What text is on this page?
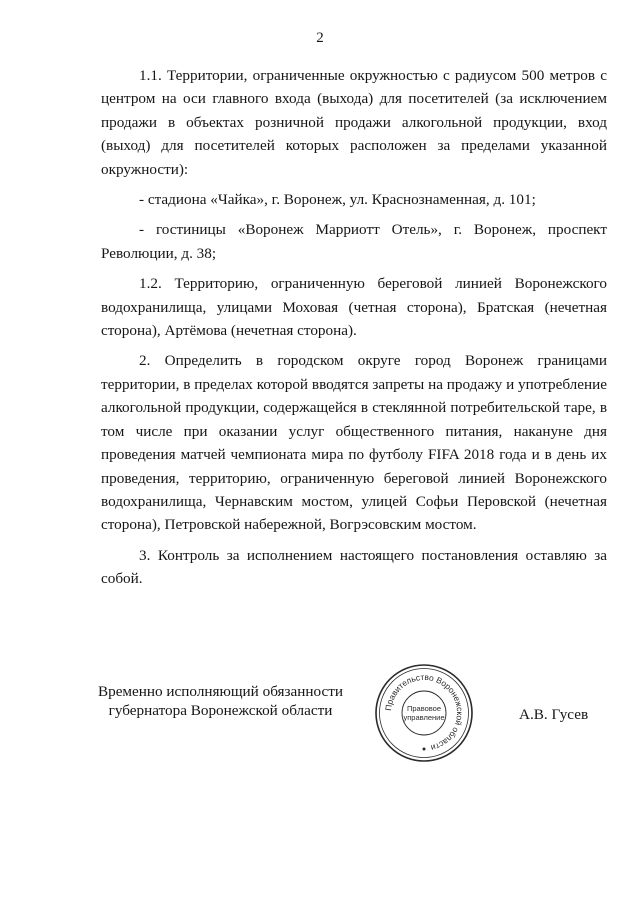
2

1.1. Территории, ограниченные окружностью с радиусом 500 метров с центром на оси главного входа (выхода) для посетителей (за исключением продажи в объектах розничной продажи алкогольной продукции, вход (выход) для посетителей которых расположен за пределами указанной окружности):

- стадиона «Чайка», г. Воронеж, ул. Краснознаменная, д. 101;

- гостиницы «Воронеж Марриотт Отель», г. Воронеж, проспект Революции, д. 38;

1.2. Территорию, ограниченную береговой линией Воронежского водохранилища, улицами Моховая (четная сторона), Братская (нечетная сторона), Артёмова (нечетная сторона).

2. Определить в городском округе город Воронеж границами территории, в пределах которой вводятся запреты на продажу и употребление алкогольной продукции, содержащейся в стеклянной потребительской таре, в том числе при оказании услуг общественного питания, накануне дня проведения матчей чемпионата мира по футболу FIFA 2018 года и в день их проведения, территорию, ограниченную береговой линией Воронежского водохранилища, Чернавским мостом, улицей Софьи Перовской (нечетная сторона), Петровской набережной, Вогрэсовским мостом.

3. Контроль за исполнением настоящего постановления оставляю за собой.

Временно исполняющий обязанности
губернатора Воронежской области	Правительство Воронежской области
Правовое
управление	А.В. Гусев
